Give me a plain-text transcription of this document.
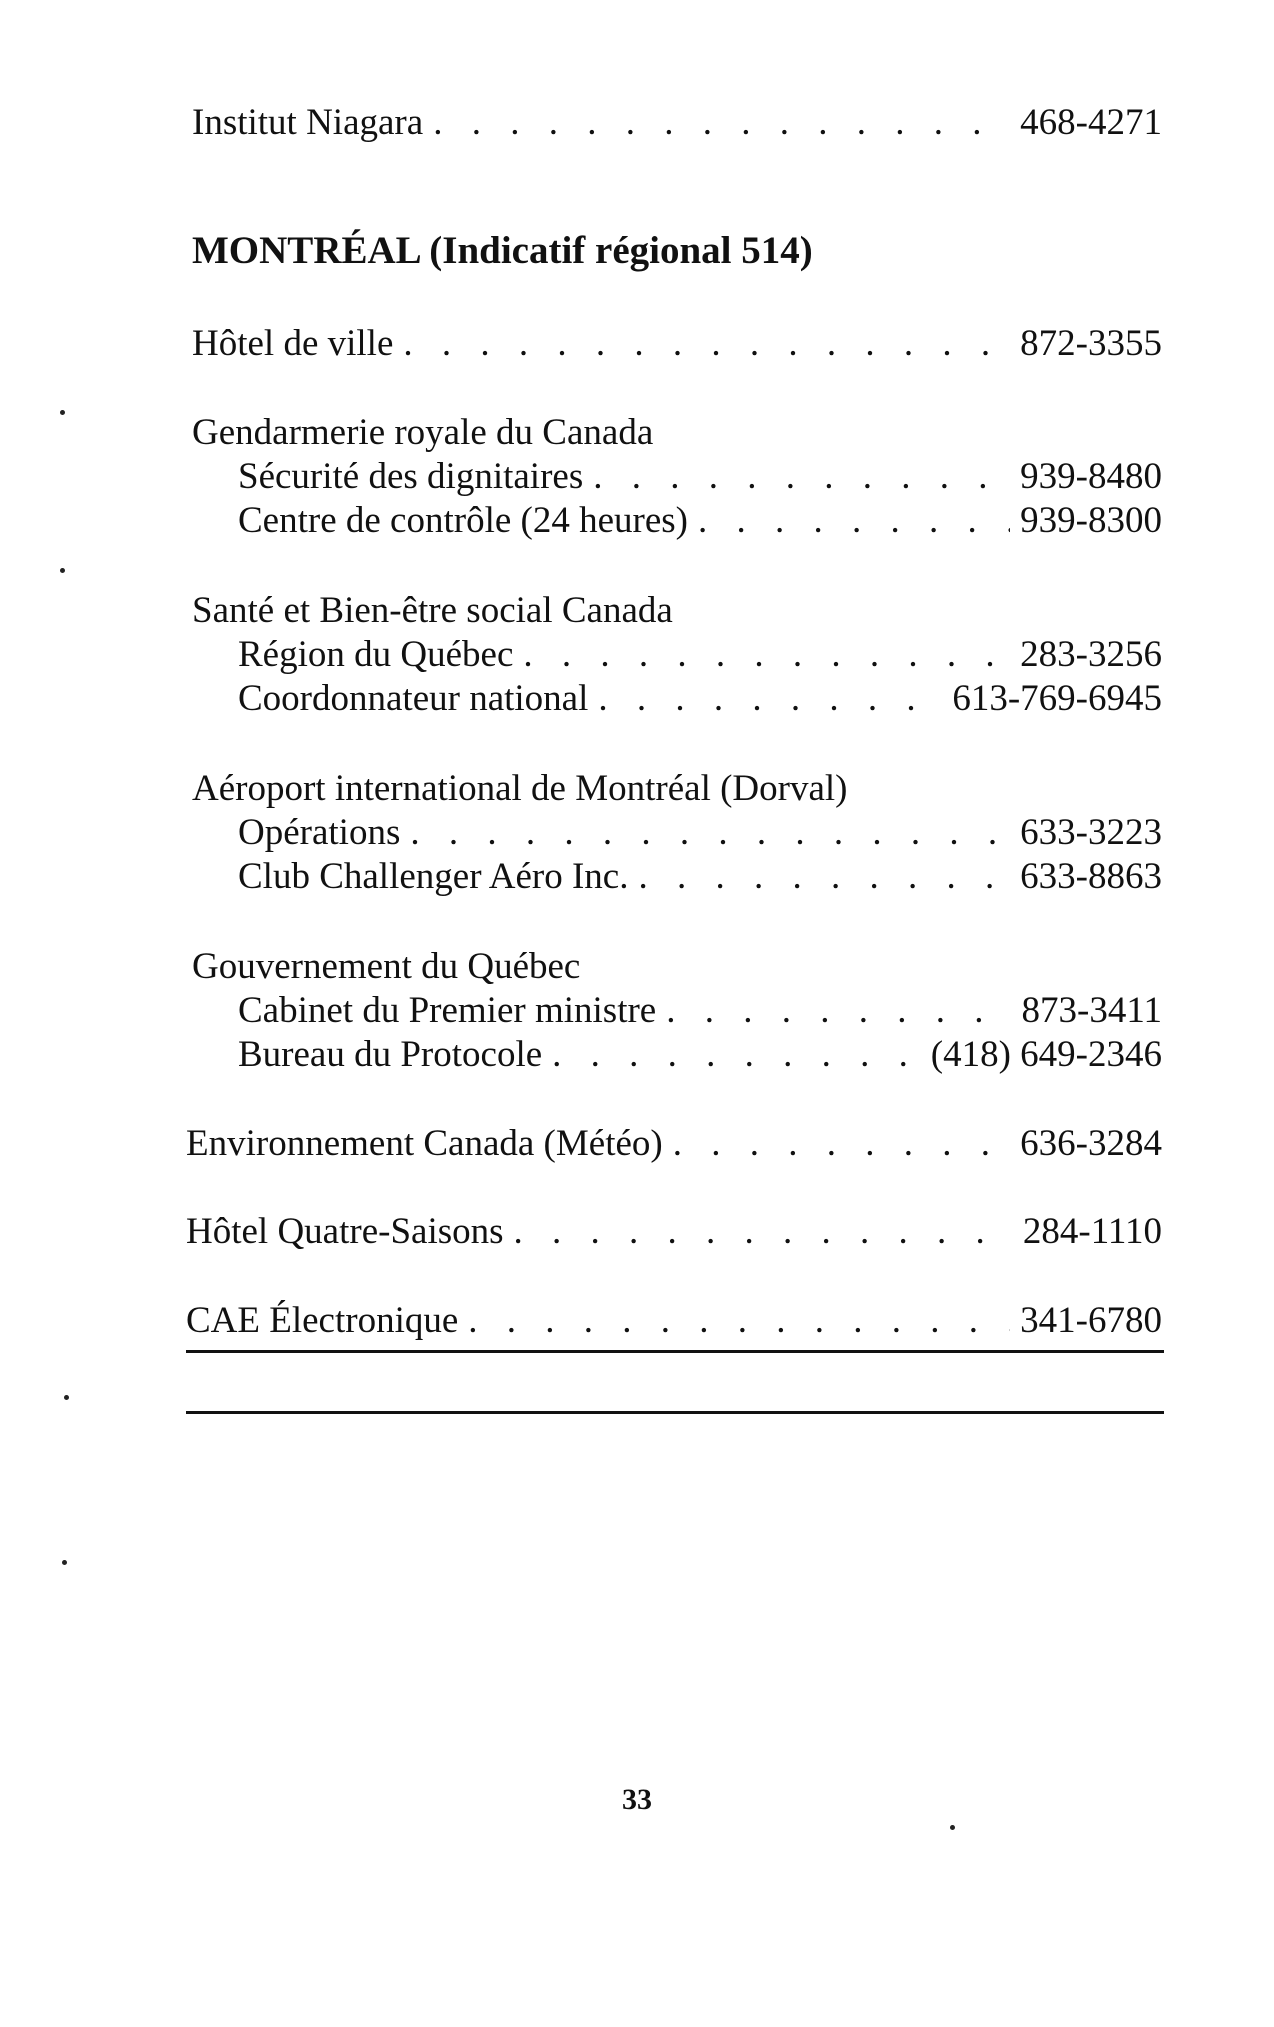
Institut Niagara . . .	468-4271
MONTRÉAL (Indicatif régional 514)
Hôtel de ville . . .	872-3355
Gendarmerie royale du Canada
Sécurité des dignitaires . . .	939-8480
Centre de contrôle (24 heures) . . .	939-8300
Santé et Bien-être social Canada
Région du Québec . . .	283-3256
Coordonnateur national . . .	613-769-6945
Aéroport international de Montréal (Dorval)
Opérations . . .	633-3223
Club Challenger Aéro Inc. . . .	633-8863
Gouvernement du Québec
Cabinet du Premier ministre . . .	873-3411
Bureau du Protocole . . .	(418) 649-2346
Environnement Canada (Météo) . . .	636-3284
Hôtel Quatre-Saisons . . .	284-1110
CAE Électronique . . .	341-6780
33
